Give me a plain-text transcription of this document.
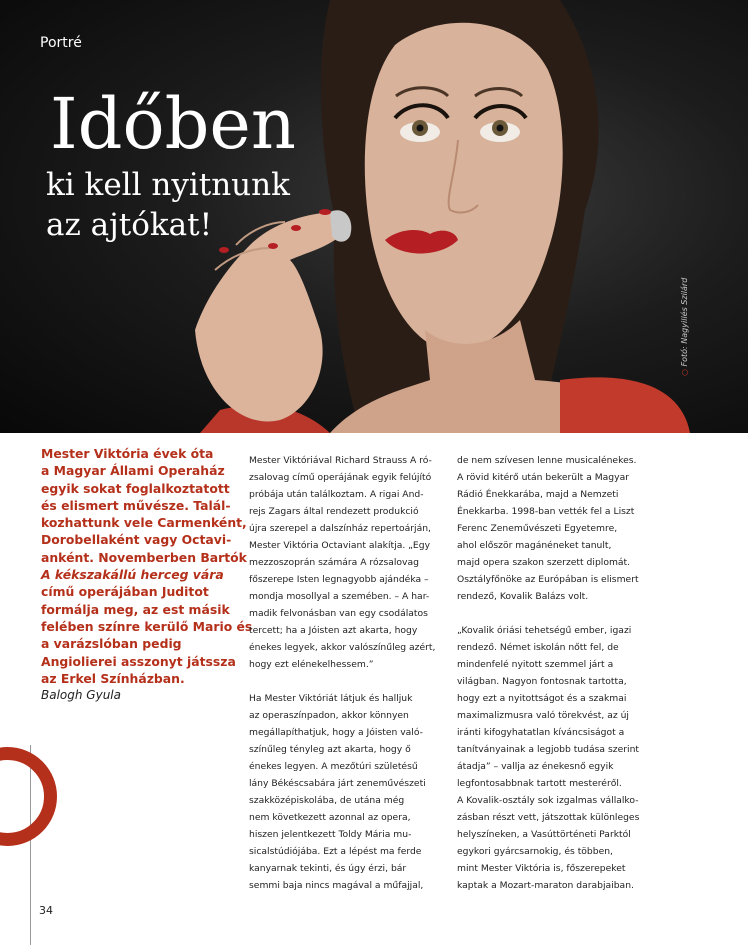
Portré
Időben
ki kell nyitnunk
az ajtókat!
○ Fotó: Nagyillés Szilárd
Mester Viktória évek óta
a Magyar Állami Operaház
egyik sokat foglalkoztatott
és elismert művésze. Talál-
kozhattunk vele Carmenként,
Dorobellaként vagy Octavi-
anként. Novemberben Bartók
A kékszakállú herceg vára
című operájában Juditot
formálja meg, az est másik
felében színre kerülő Mario és
a varázslóban pedig
Angiolierei asszonyt játssza
az Erkel Színházban.
Balogh Gyula
Mester Viktóriával Richard Strauss A ró-
zsalovag című operájának egyik felújító
próbája után találkoztam. A rigai And-
rejs Zagars által rendezett produkció
újra szerepel a dalszínház repertoárján,
Mester Viktória Octaviant alakítja. „Egy
mezzoszoprán számára A rózsalovag
főszerepe Isten legnagyobb ajándéka –
mondja mosollyal a szemében. – A har-
madik felvonásban van egy csodálatos
tercett; ha a Jóisten azt akarta, hogy
énekes legyek, akkor valószínűleg azért,
hogy ezt elénekelhessem.”
Ha Mester Viktóriát látjuk és halljuk
az operaszínpadon, akkor könnyen
megállapíthatjuk, hogy a Jóisten való-
színűleg tényleg azt akarta, hogy ő
énekes legyen. A mezőtúri születésű
lány Békéscsabára járt zeneművészeti
szakközépiskolába, de utána még
nem következett azonnal az opera,
hiszen jelentkezett Toldy Mária mu-
sicalstúdiójába. Ezt a lépést ma ferde
kanyarnak tekinti, és úgy érzi, bár
semmi baja nincs magával a műfajjal,
de nem szívesen lenne musicalénekes.
A rövid kitérő után bekerült a Magyar
Rádió Énekkarába, majd a Nemzeti
Énekkarba. 1998-ban vették fel a Liszt
Ferenc Zeneművészeti Egyetemre,
ahol először magánéneket tanult,
majd opera szakon szerzett diplomát.
Osztályfőnöke az Európában is elismert
rendező, Kovalik Balázs volt.
„Kovalik óriási tehetségű ember, igazi
rendező. Német iskolán nőtt fel, de
mindenfelé nyitott szemmel járt a
világban. Nagyon fontosnak tartotta,
hogy ezt a nyitottságot és a szakmai
maximalizmusra való törekvést, az új
iránti kifogyhatatlan kíváncsiságot a
tanítványainak a legjobb tudása szerint
átadja” – vallja az énekesnő egyik
legfontosabbnak tartott mesteréről.
A Kovalik-osztály sok izgalmas vállalko-
zásban részt vett, játszottak különleges
helyszíneken, a Vasúttörténeti Parktól
egykori gyárcsarnokig, és többen,
mint Mester Viktória is, főszerepeket
kaptak a Mozart-maraton darabjaiban.
34
